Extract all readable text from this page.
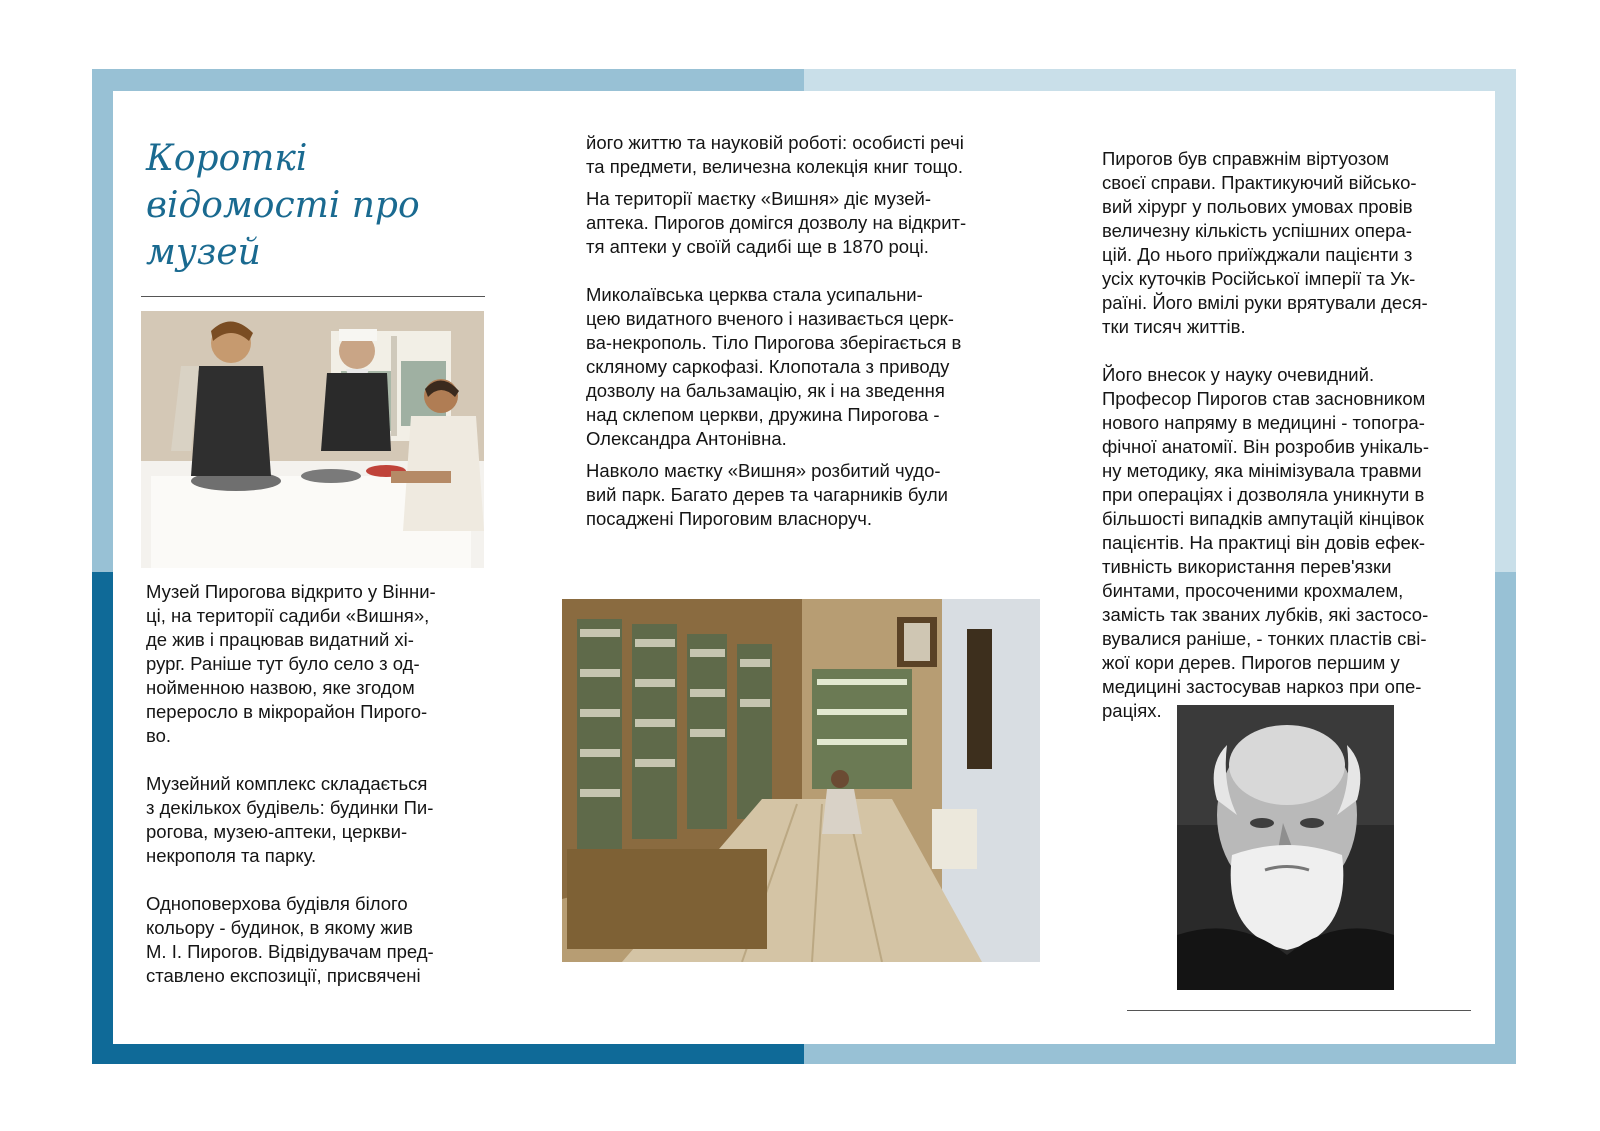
Короткі
відомості про
музей

Музей Пирогова відкрито у Вінни-
ці, на території садиби «Вишня»,
де жив і працював видатний хі-
рург. Раніше тут було село з од-
нойменною назвою, яке згодом
переросло в мікрорайон Пирого-
во.

Музейний комплекс складається
з декількох будівель: будинки Пи-
рогова, музею-аптеки, церкви-
некрополя та парку.

Одноповерхова будівля білого
кольору - будинок, в якому жив
М. І. Пирогов. Відвідувачам пред-
ставлено експозиції, присвячені

його життю та науковій роботі: особисті речі
та предмети, величезна колекція книг тощо.

На території маєтку «Вишня» діє музей-
аптека. Пирогов домігся дозволу на відкрит-
тя аптеки у своїй садибі ще в 1870 році.

Миколаївська церква стала усипальни-
цею видатного вченого і називається церк-
ва-некрополь. Тіло Пирогова зберігається в
скляному саркофазі. Клопотала з приводу
дозволу на бальзамацію, як і на зведення
над склепом церкви, дружина Пирогова -
Олександра Антонівна.

Навколо маєтку «Вишня» розбитий чудо-
вий парк. Багато дерев та чагарників були
посаджені Пироговим власноруч.

Пирогов був справжнім віртуозом
своєї справи. Практикуючий військо-
вий хірург у польових умовах провів
величезну кількість успішних опера-
цій. До нього приїжджали пацієнти з
усіх куточків Російської імперії та Ук-
раїні. Його вмілі руки врятували деся-
тки тисяч життів.

Його внесок у науку очевидний.
Професор Пирогов став засновником
нового напряму в медицині - топогра-
фічної анатомії. Він розробив унікаль-
ну методику, яка мінімізувала травми
при операціях і дозволяла уникнути в
більшості випадків ампутацій кінцівок
пацієнтів. На практиці він довів ефек-
тивність використання перев'язки
бинтами, просоченими крохмалем,
замість так званих лубків, які застосо-
вувалися раніше, - тонких пластів сві-
жої кори дерев. Пирогов першим у
медицині застосував наркоз при опе-
раціях.
